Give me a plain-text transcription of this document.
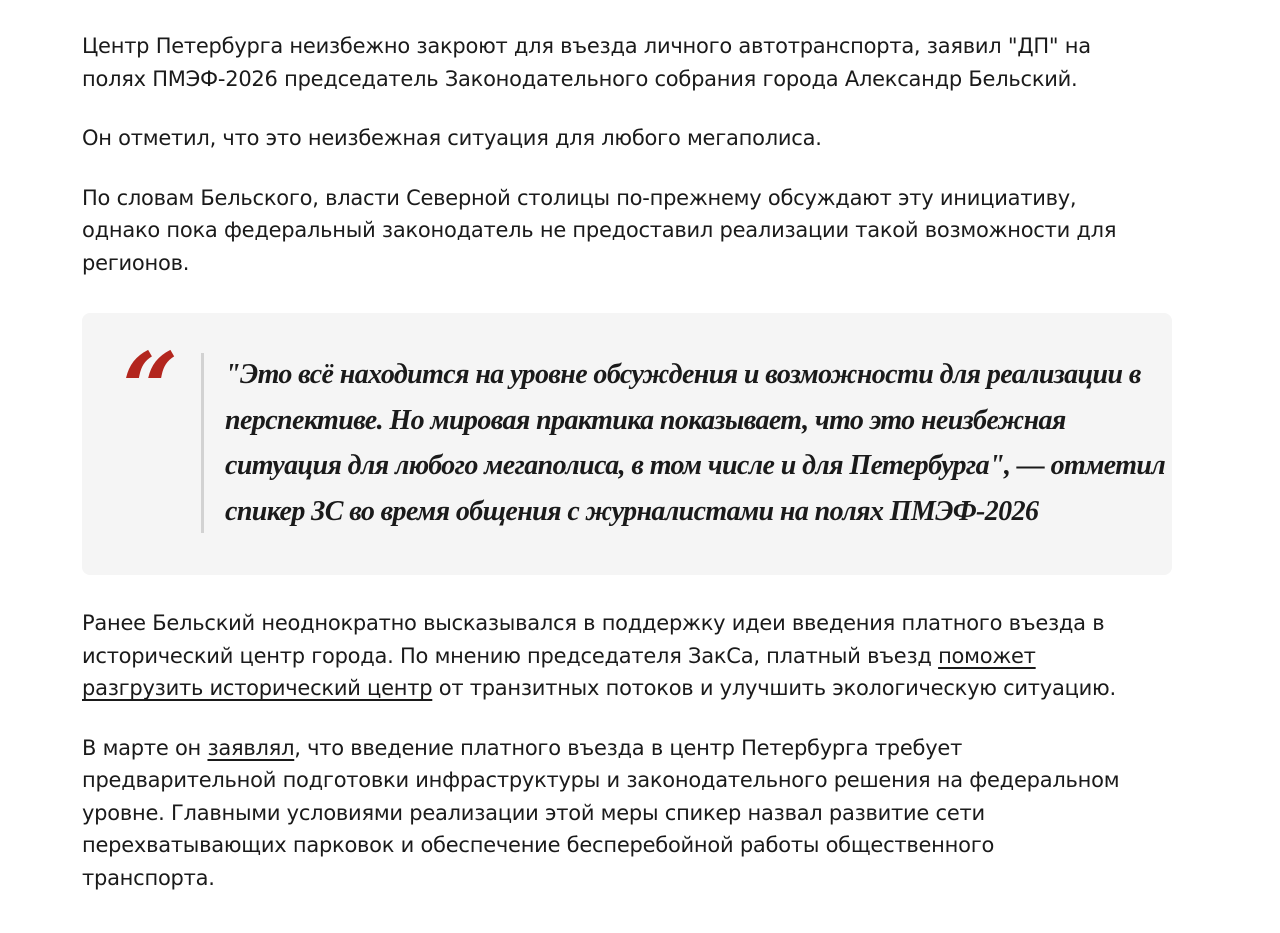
Центр Петербурга неизбежно закроют для въезда личного автотранспорта, заявил "ДП" на
полях ПМЭФ-2026 председатель Законодательного собрания города Александр Бельский.

Он отметил, что это неизбежная ситуация для любого мегаполиса.

По словам Бельского, власти Северной столицы по-прежнему обсуждают эту инициативу,
однако пока федеральный законодатель не предоставил реализации такой возможности для
регионов.

“ "Это всё находится на уровне обсуждения и возможности для реализации в
перспективе. Но мировая практика показывает, что это неизбежная
ситуация для любого мегаполиса, в том числе и для Петербурга", — отметил
спикер ЗС во время общения с журналистами на полях ПМЭФ-2026

Ранее Бельский неоднократно высказывался в поддержку идеи введения платного въезда в
исторический центр города. По мнению председателя ЗакСа, платный въезд поможет
разгрузить исторический центр от транзитных потоков и улучшить экологическую ситуацию.

В марте он заявлял, что введение платного въезда в центр Петербурга требует
предварительной подготовки инфраструктуры и законодательного решения на федеральном
уровне. Главными условиями реализации этой меры спикер назвал развитие сети
перехватывающих парковок и обеспечение бесперебойной работы общественного
транспорта.
